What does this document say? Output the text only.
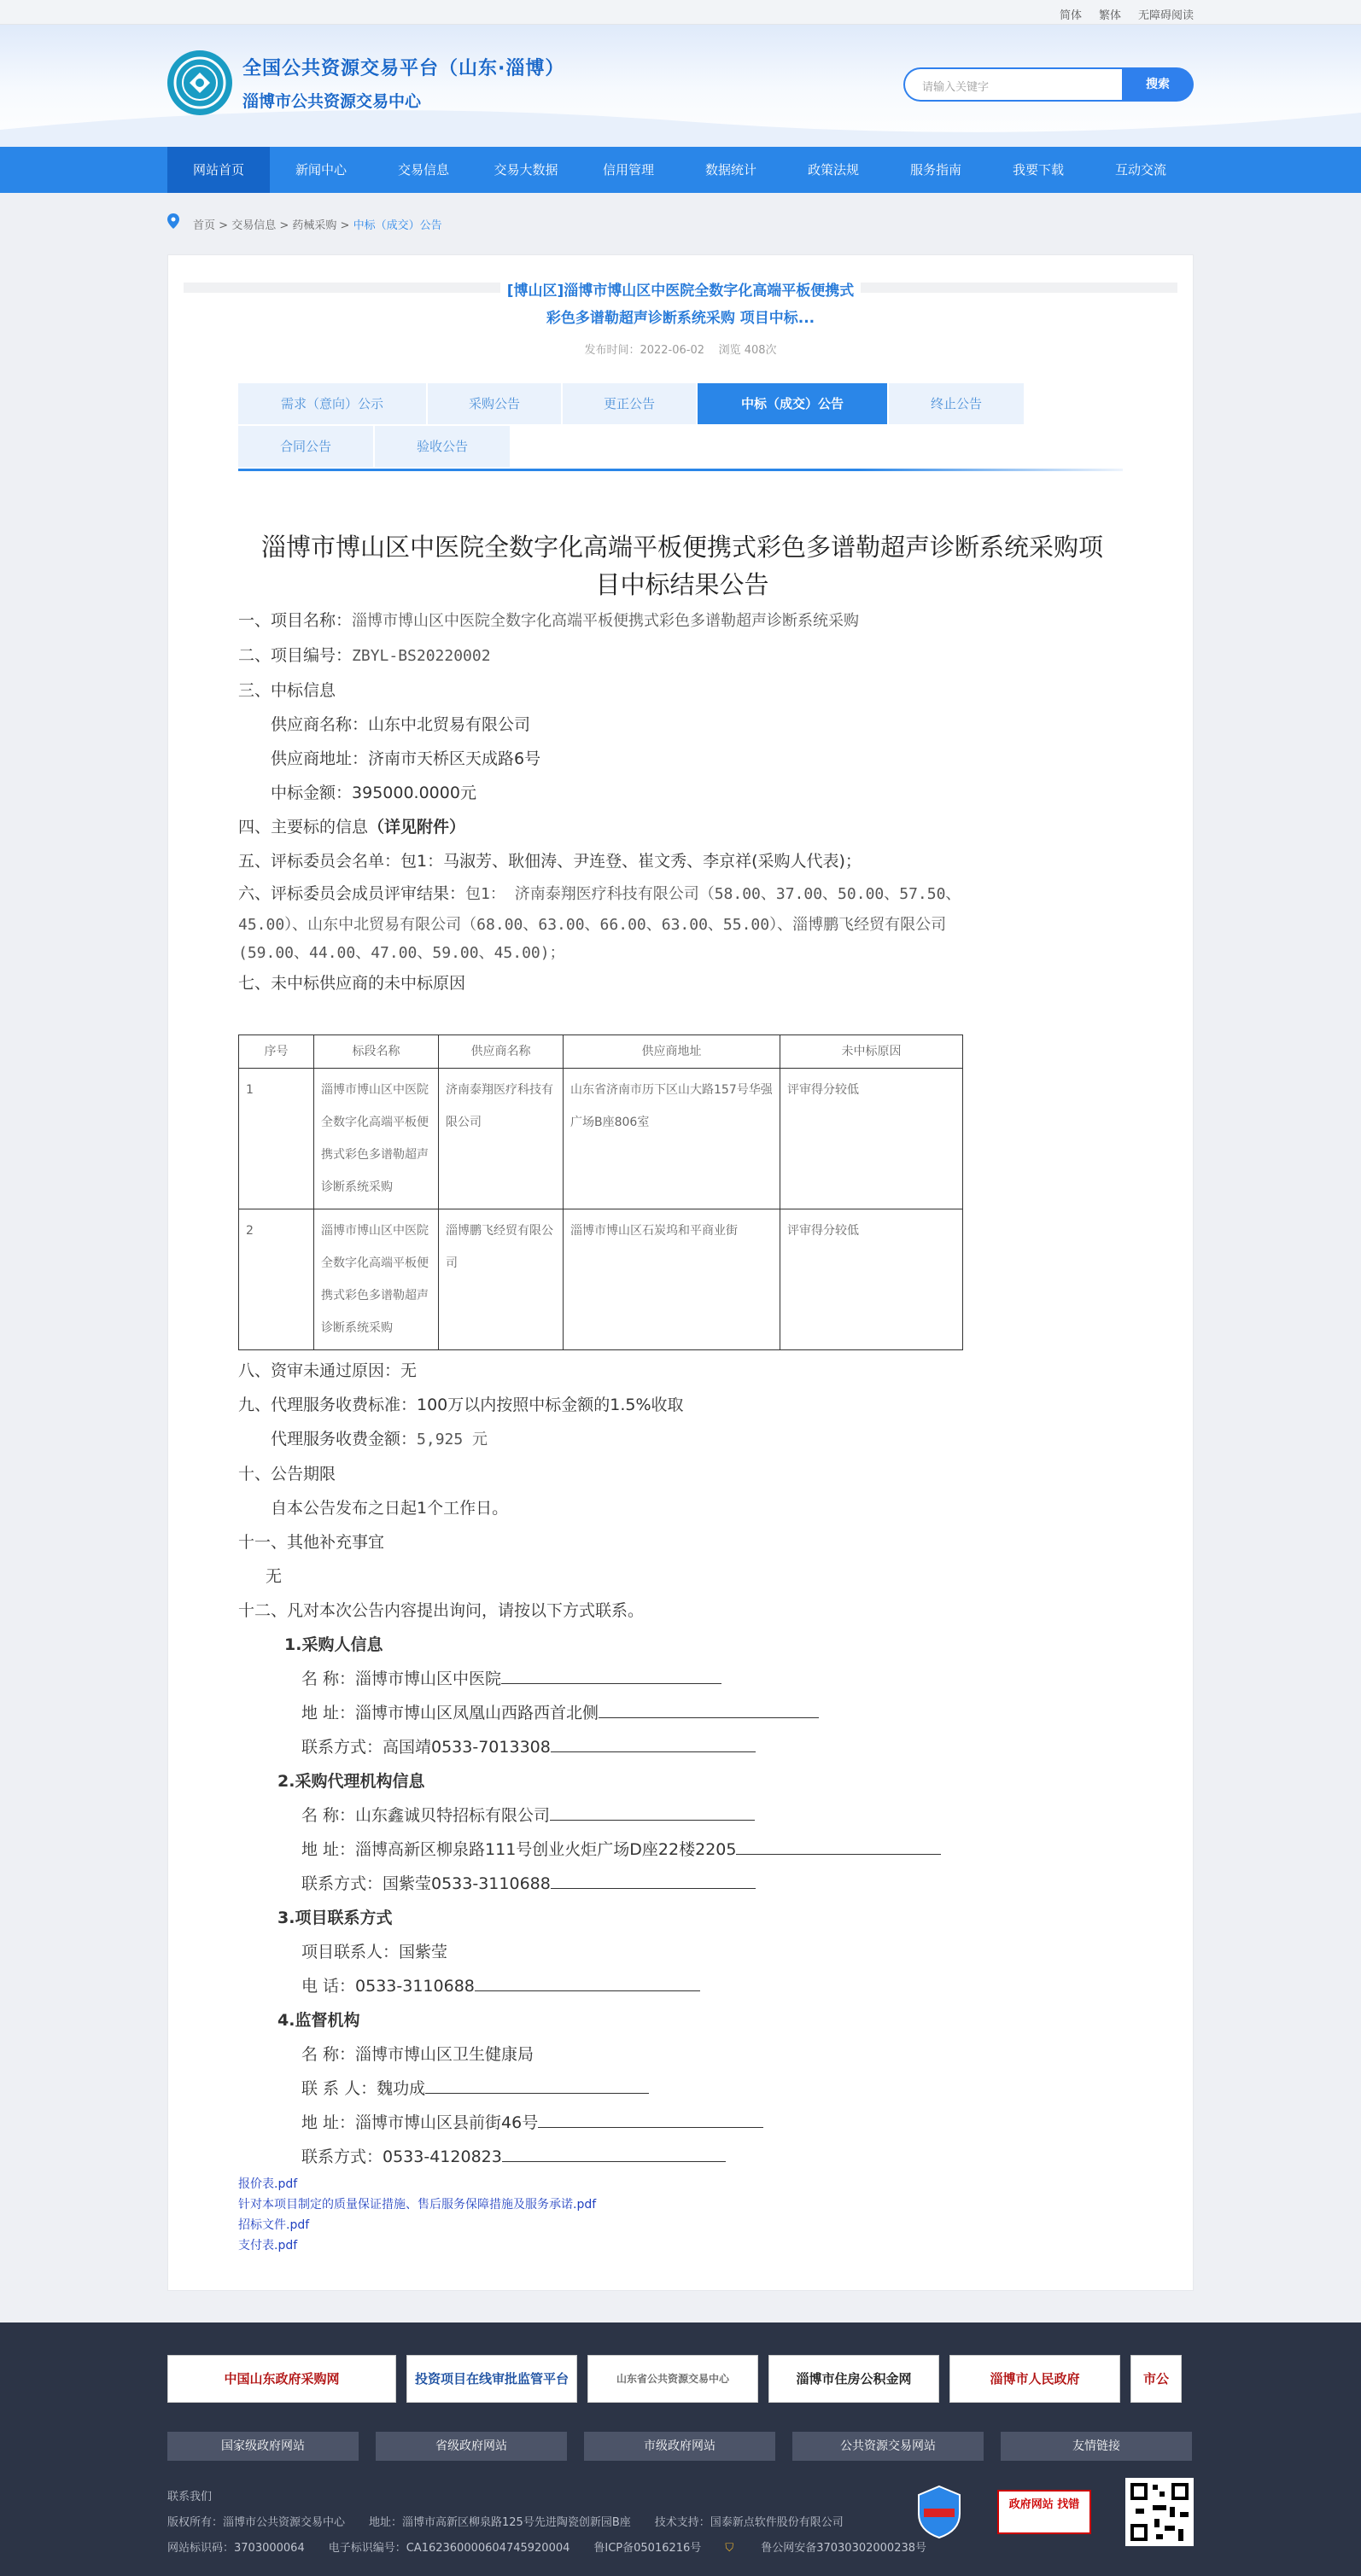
简体 繁体 无障碍阅读
全国公共资源交易平台（山东·淄博）
淄博市公共资源交易中心
请输入关键字	搜索
网站首页	新闻中心	交易信息	交易大数据	信用管理	数据统计	政策法规	服务指南	我要下载	互动交流
首页 > 交易信息 > 药械采购 > 中标（成交）公告
[博山区]淄博市博山区中医院全数字化高端平板便携式
彩色多谱勒超声诊断系统采购 项目中标...
发布时间：2022-06-02 浏览 408次
需求（意向）公示	采购公告	更正公告	中标（成交）公告	终止公告
合同公告	验收公告
淄博市博山区中医院全数字化高端平板便携式彩色多谱勒超声诊断系统采购项
目中标结果公告

一、项目名称：淄博市博山区中医院全数字化高端平板便携式彩色多谱勒超声诊断系统采购

二、项目编号：ZBYL-BS20220002

三、中标信息

供应商名称：山东中北贸易有限公司

供应商地址：济南市天桥区天成路6号

中标金额：395000.0000元

四、主要标的信息（详见附件）

五、评标委员会名单：包1：马淑芳、耿佃涛、尹连登、崔文秀、李京祥(采购人代表)；

六、评标委员会成员评审结果：包1： 济南泰翔医疗科技有限公司（58.00、37.00、50.00、57.50、

45.00）、山东中北贸易有限公司（68.00、63.00、66.00、63.00、55.00）、淄博鹏飞经贸有限公司

(59.00、44.00、47.00、59.00、45.00)；

七、未中标供应商的未中标原因

序号	标段名称	供应商名称	供应商地址	未中标原因
1	淄博市博山区中医院全数字化高端平板便携式彩色多谱勒超声诊断系统采购	济南泰翔医疗科技有限公司	山东省济南市历下区山大路157号华强广场B座806室	评审得分较低
2	淄博市博山区中医院全数字化高端平板便携式彩色多谱勒超声诊断系统采购	淄博鹏飞经贸有限公司	淄博市博山区石炭坞和平商业街	评审得分较低

八、资审未通过原因：无

九、代理服务收费标准：100万以内按照中标金额的1.5%收取

代理服务收费金额：5,925 元

十、公告期限

自本公告发布之日起1个工作日。

十一、其他补充事宜

无

十二、凡对本次公告内容提出询问，请按以下方式联系。

1.采购人信息

名 称：淄博市博山区中医院

地 址：淄博市博山区凤凰山西路西首北侧

联系方式：高国靖0533-7013308

2.采购代理机构信息

名 称：山东鑫诚贝特招标有限公司

地 址：淄博高新区柳泉路111号创业火炬广场D座22楼2205

联系方式：国紫莹0533-3110688

3.项目联系方式

项目联系人：国紫莹

电 话：0533-3110688

4.监督机构

名 称：淄博市博山区卫生健康局

联 系 人：魏功成

地 址：淄博市博山区县前街46号

联系方式：0533-4120823

报价表.pdf
针对本项目制定的质量保证措施、售后服务保障措施及服务承诺.pdf
招标文件.pdf
支付表.pdf
中国山东政府采购网	投资项目在线审批监管平台	山东省公共资源交易中心	淄博市住房公积金网	淄博市人民政府	市公
国家级政府网站	省级政府网站	市级政府网站	公共资源交易网站	友情链接
联系我们
版权所有：淄博市公共资源交易中心 地址：淄博市高新区柳泉路125号先进陶瓷创新园B座 技术支持：国泰新点软件股份有限公司
网站标识码：3703000064 电子标识编号：CA162360000604745920004 鲁ICP备05016216号 ⛉ 鲁公网安备37030302000238号
政府网站 找错
